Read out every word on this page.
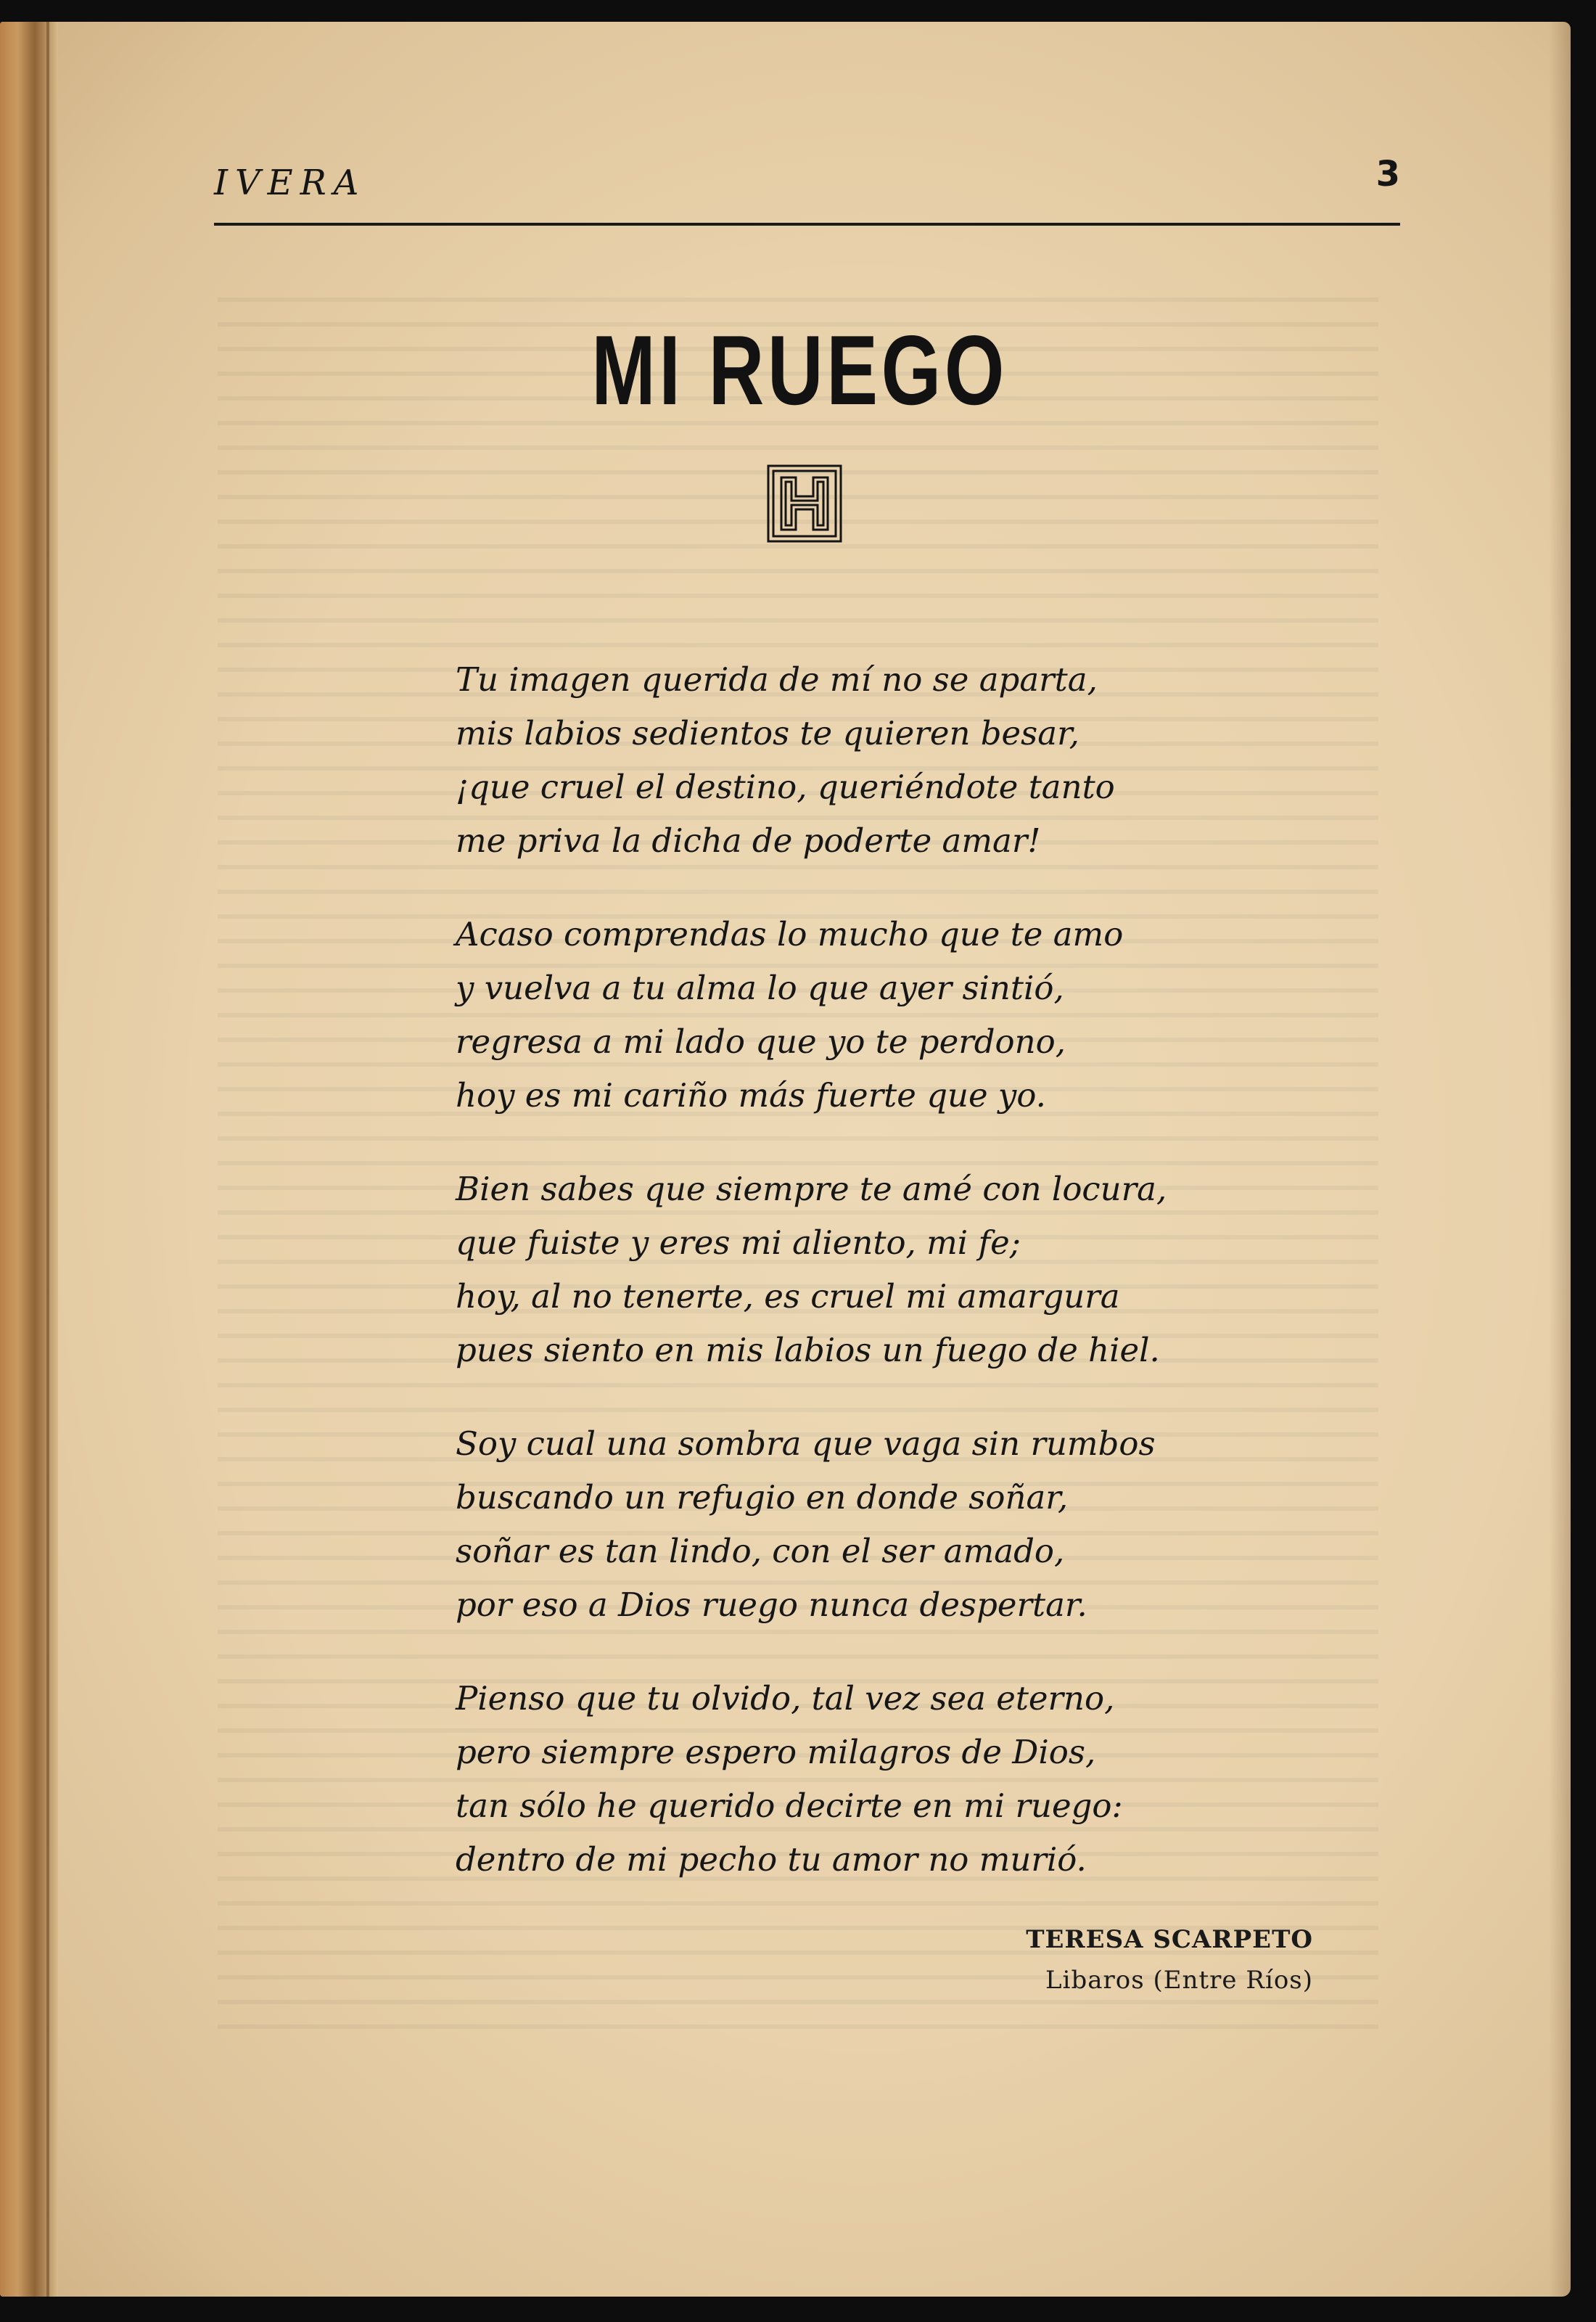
IVERA	3
MI RUEGO
Tu imagen querida de mí no se aparta,
mis labios sedientos te quieren besar,
¡que cruel el destino, queriéndote tanto
me priva la dicha de poderte amar!
Acaso comprendas lo mucho que te amo
y vuelva a tu alma lo que ayer sintió,
regresa a mi lado que yo te perdono,
hoy es mi cariño más fuerte que yo.
Bien sabes que siempre te amé con locura,
que fuiste y eres mi aliento, mi fe;
hoy, al no tenerte, es cruel mi amargura
pues siento en mis labios un fuego de hiel.
Soy cual una sombra que vaga sin rumbos
buscando un refugio en donde soñar,
soñar es tan lindo, con el ser amado,
por eso a Dios ruego nunca despertar.
Pienso que tu olvido, tal vez sea eterno,
pero siempre espero milagros de Dios,
tan sólo he querido decirte en mi ruego:
dentro de mi pecho tu amor no murió.
TERESA SCARPETO
Libaros (Entre Ríos)
